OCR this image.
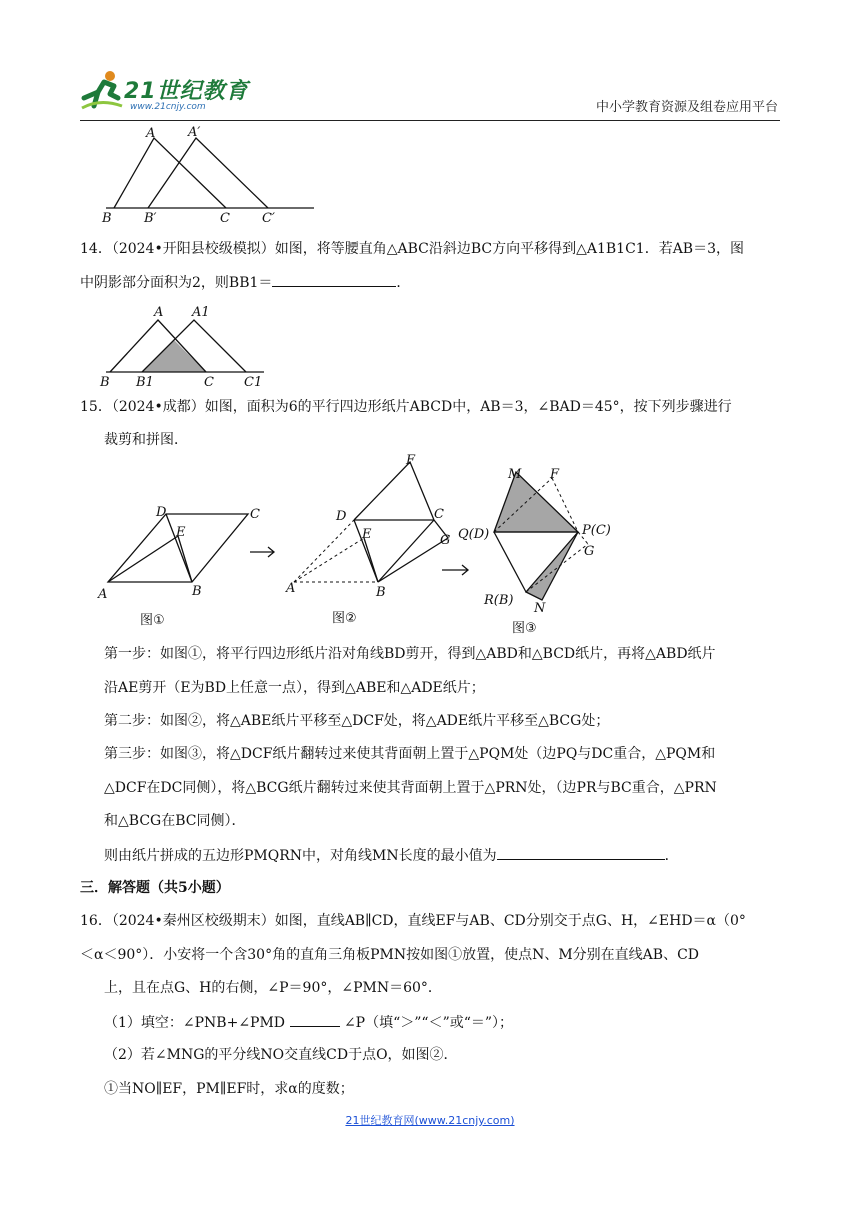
21世纪教育
www.21cnjy.com	中小学教育资源及组卷应用平台
A	A′
B B′	C C′
14．（2024•开阳县校级模拟）如图，将等腰直角△ABC沿斜边BC方向平移得到△A1B1C1．若AB＝3，图
中阴影部分面积为2，则BB1＝	．
A A1
B B1	C C1
15．（2024•成都）如图，面积为6的平行四边形纸片ABCD中，AB＝3，∠BAD＝45°，按下列步骤进行
裁剪和拼图．
A	B
C
D
E
图①
A	B
C
D
E
F
G
图②
M F
Q(D)	P(C)
G
R(B)
N
图③
第一步：如图①，将平行四边形纸片沿对角线BD剪开，得到△ABD和△BCD纸片，再将△ABD纸片
沿AE剪开（E为BD上任意一点），得到△ABE和△ADE纸片；
第二步：如图②，将△ABE纸片平移至△DCF处，将△ADE纸片平移至△BCG处；
第三步：如图③，将△DCF纸片翻转过来使其背面朝上置于△PQM处（边PQ与DC重合，△PQM和
△DCF在DC同侧），将△BCG纸片翻转过来使其背面朝上置于△PRN处，（边PR与BC重合，△PRN
和△BCG在BC同侧）．
则由纸片拼成的五边形PMQRN中，对角线MN长度的最小值为	．
三．解答题（共5小题）
16．（2024•秦州区校级期末）如图，直线AB∥CD，直线EF与AB、CD分别交于点G、H，∠EHD＝α（0°
＜α＜90°）．小安将一个含30°角的直角三角板PMN按如图①放置，使点N、M分别在直线AB、CD
上，且在点G、H的右侧，∠P＝90°，∠PMN＝60°．
（1）填空：∠PNB+∠PMD	∠P（填“＞”“＜”或“＝”）；
（2）若∠MNG的平分线NO交直线CD于点O，如图②．
①当NO∥EF，PM∥EF时，求α的度数；
21世纪教育网(www.21cnjy.com)
